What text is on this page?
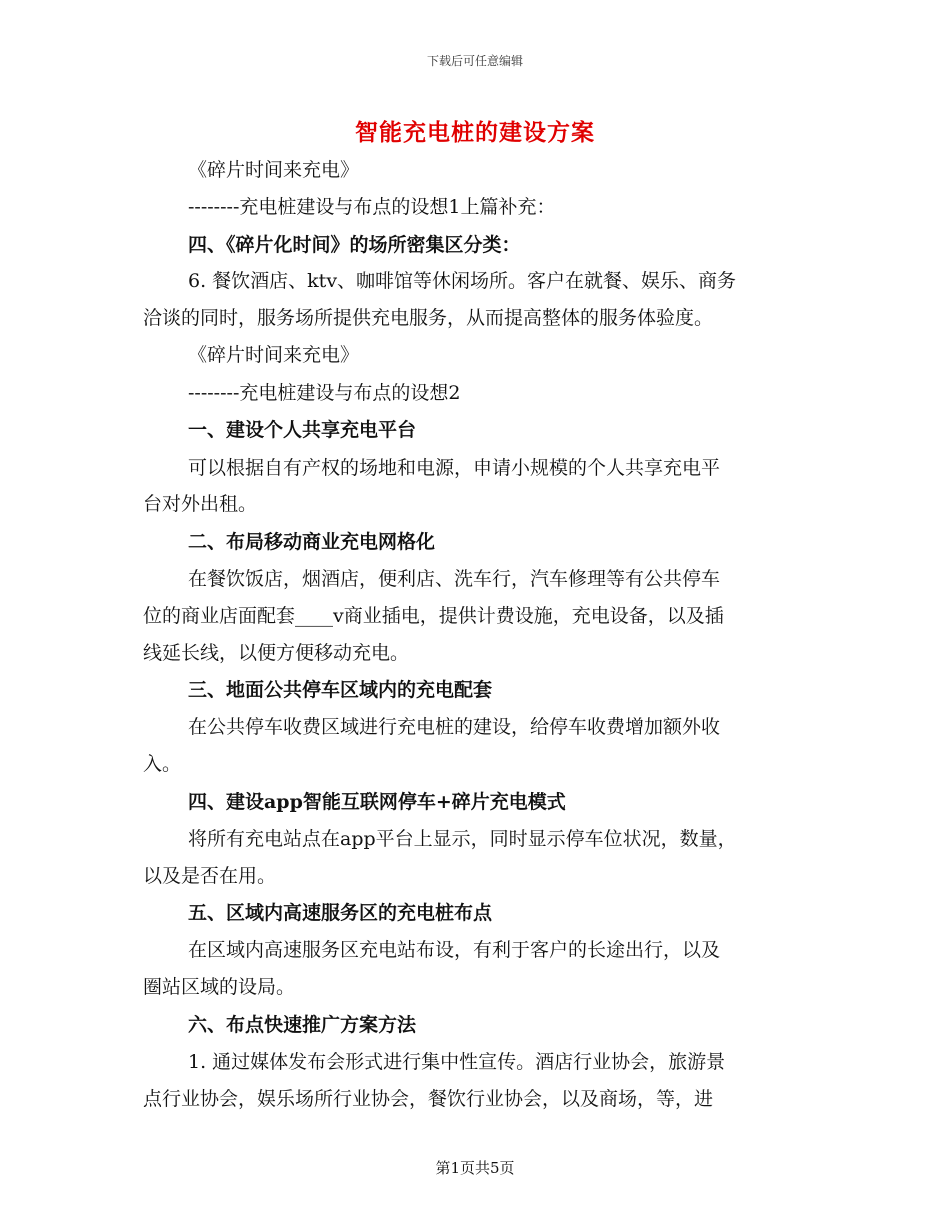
下载后可任意编辑
智能充电桩的建设方案
《碎片时间来充电》
--------充电桩建设与布点的设想1上篇补充：
四、《碎片化时间》的场所密集区分类：
6. 餐饮酒店、ktv、咖啡馆等休闲场所。客户在就餐、娱乐、商务
洽谈的同时，服务场所提供充电服务，从而提高整体的服务体验度。
《碎片时间来充电》
--------充电桩建设与布点的设想2
一、建设个人共享充电平台
可以根据自有产权的场地和电源，申请小规模的个人共享充电平
台对外出租。
二、布局移动商业充电网格化
在餐饮饭店，烟酒店，便利店、洗车行，汽车修理等有公共停车
位的商业店面配套____v商业插电，提供计费设施，充电设备，以及插
线延长线，以便方便移动充电。
三、地面公共停车区域内的充电配套
在公共停车收费区域进行充电桩的建设，给停车收费增加额外收
入。
四、建设app智能互联网停车+碎片充电模式
将所有充电站点在app平台上显示，同时显示停车位状况，数量，
以及是否在用。
五、区域内高速服务区的充电桩布点
在区域内高速服务区充电站布设，有利于客户的长途出行，以及
圈站区域的设局。
六、布点快速推广方案方法
1. 通过媒体发布会形式进行集中性宣传。酒店行业协会，旅游景
点行业协会，娱乐场所行业协会，餐饮行业协会，以及商场，等，进
第1页共5页
